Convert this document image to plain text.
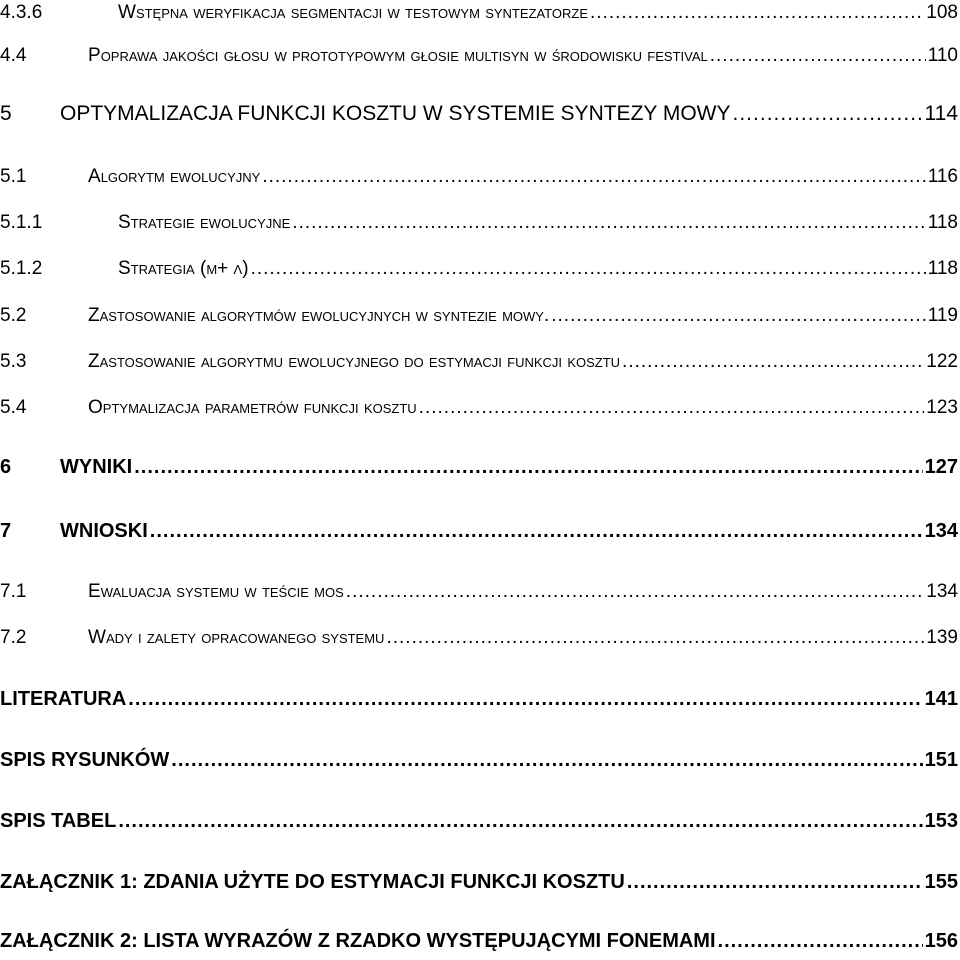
4.3.6	wstępna weryfikacja segmentacji w testowym syntezatorze .....	108
4.4	poprawa jakości głosu w prototypowym głosie multisyn w środowisku festival .....	110
5	OPTYMALIZACJA FUNKCJI KOSZTU W SYSTEMIE SYNTEZY MOWY .....	114
5.1	algorytm ewolucyjny .....	116
5.1.1	strategie ewolucyjne .....	118
5.1.2	strategia (μ+ λ) .....	118
5.2	zastosowanie algorytmów ewolucyjnych w syntezie mowy. .....	119
5.3	zastosowanie algorytmu ewolucyjnego do estymacji funkcji kosztu .....	122
5.4	optymalizacja parametrów funkcji kosztu .....	123
6	WYNIKI .....	127
7	WNIOSKI .....	134
7.1	ewaluacja systemu w teście mos .....	134
7.2	wady i zalety opracowanego systemu .....	139
LITERATURA .....	141
SPIS RYSUNKÓW .....	151
SPIS TABEL .....	153
ZAŁĄCZNIK 1: ZDANIA UŻYTE DO ESTYMACJI FUNKCJI KOSZTU .....	155
ZAŁĄCZNIK 2: LISTA WYRAZÓW Z RZADKO WYSTĘPUJĄCYMI FONEMAMI .....	156
